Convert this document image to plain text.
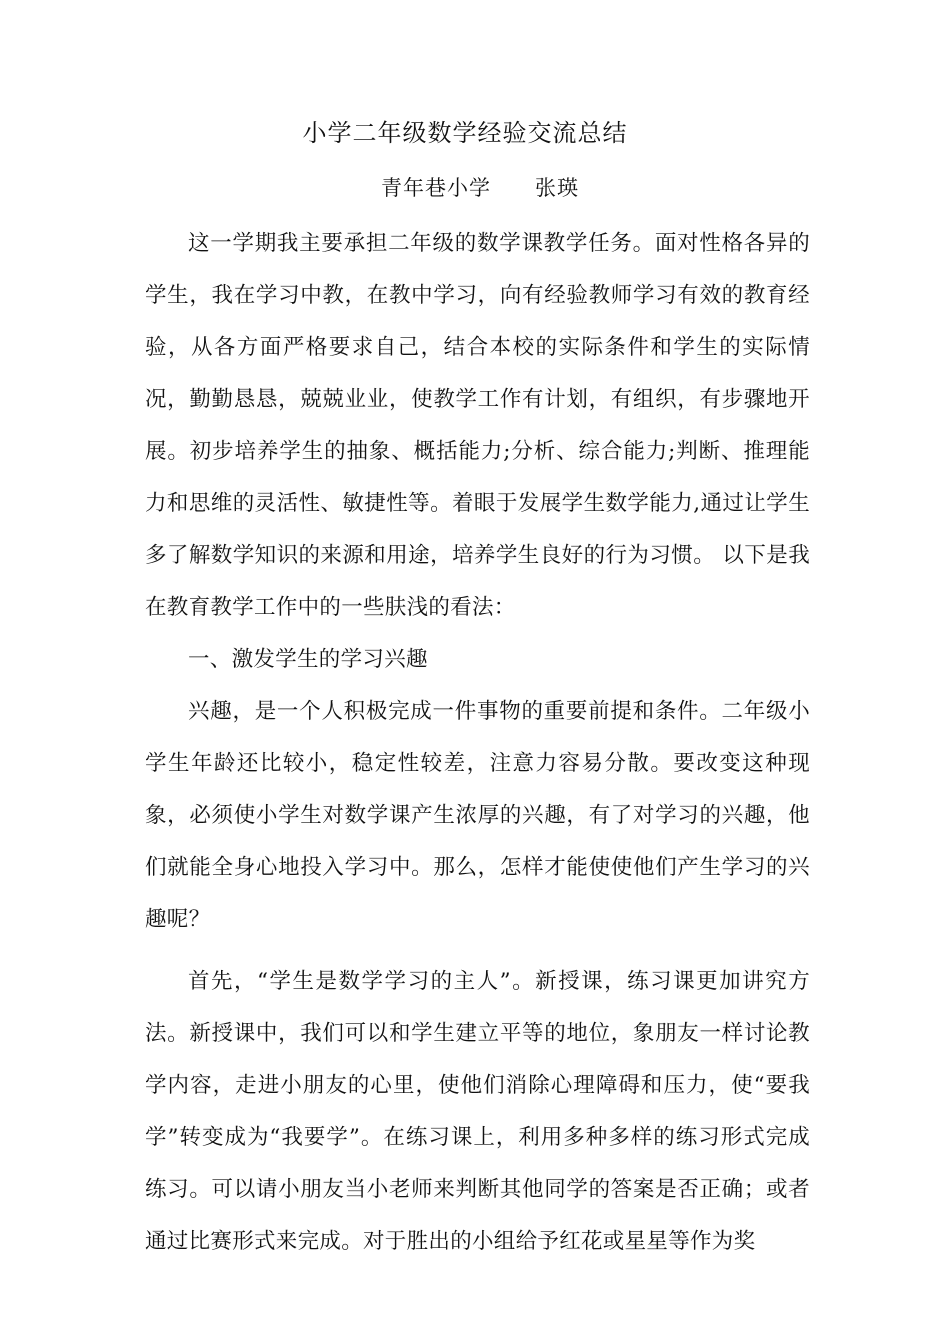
小学二年级数学经验交流总结
青年巷小学 张瑛

这一学期我主要承担二年级的数学课教学任务。面对性格各异的学生，我在学习中教，在教中学习，向有经验教师学习有效的教育经验，从各方面严格要求自己，结合本校的实际条件和学生的实际情况，勤勤恳恳，兢兢业业，使教学工作有计划，有组织，有步骤地开展。初步培养学生的抽象、概括能力;分析、综合能力;判断、推理能力和思维的灵活性、敏捷性等。着眼于发展学生数学能力,通过让学生多了解数学知识的来源和用途，培养学生良好的行为习惯。 以下是我在教育教学工作中的一些肤浅的看法：

一、激发学生的学习兴趣

兴趣，是一个人积极完成一件事物的重要前提和条件。二年级小学生年龄还比较小，稳定性较差，注意力容易分散。要改变这种现象，必须使小学生对数学课产生浓厚的兴趣，有了对学习的兴趣，他们就能全身心地投入学习中。那么，怎样才能使使他们产生学习的兴趣呢？

首先，“学生是数学学习的主人”。新授课，练习课更加讲究方法。新授课中，我们可以和学生建立平等的地位，象朋友一样讨论教学内容，走进小朋友的心里，使他们消除心理障碍和压力，使“要我学”转变成为“我要学”。在练习课上，利用多种多样的练习形式完成练习。可以请小朋友当小老师来判断其他同学的答案是否正确；或者通过比赛形式来完成。对于胜出的小组给予红花或星星等作为奖
